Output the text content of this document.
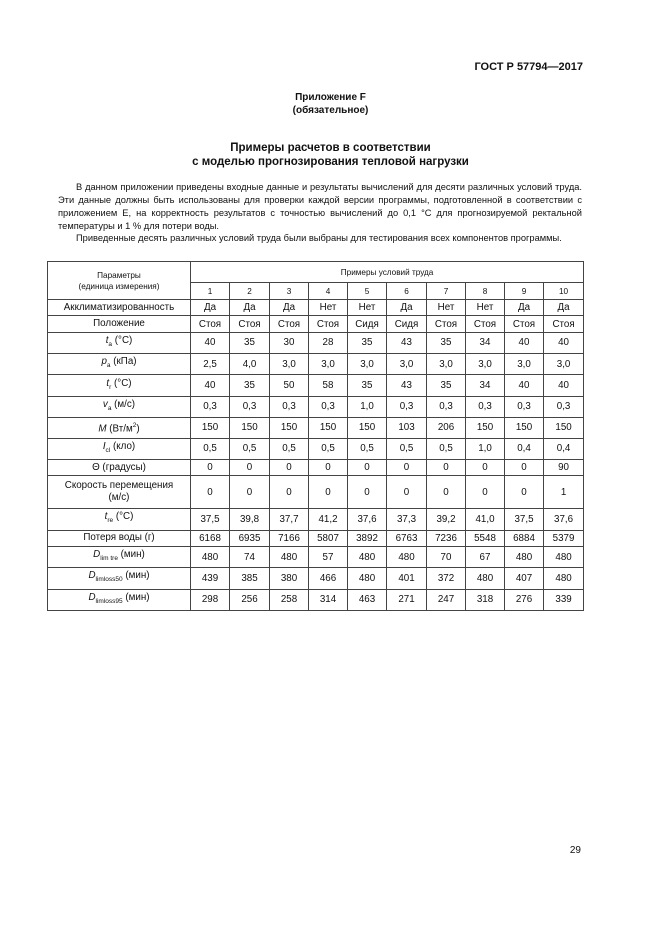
ГОСТ Р 57794—2017
Приложение F
(обязательное)
Примеры расчетов в соответствии
с моделью прогнозирования тепловой нагрузки
В данном приложении приведены входные данные и результаты вычислений для десяти различных условий труда. Эти данные должны быть использованы для проверки каждой версии программы, подготовленной в соответствии с приложением Е, на корректность результатов с точностью вычислений до 0,1 °С для прогнозируемой ректальной температуры и 1 % для потери воды.
Приведенные десять различных условий труда были выбраны для тестирования всех компонентов программы.
Параметры
(единица измерения)	Примеры условий труда									
	1	2	3	4	5	6	7	8	9	10

Акклиматизированность	Да	Да	Да	Нет	Нет	Да	Нет	Нет	Да	Да

Положение	Стоя	Стоя	Стоя	Стоя	Сидя	Сидя	Стоя	Стоя	Стоя	Стоя
$t_a$ (°С)	40	35	30	28	35	43	35	34	40	40
$p_a$ (кПа)	2,5	4,0	3,0	3,0	3,0	3,0	3,0	3,0	3,0	3,0
$t_r$ (°С)	40	35	50	58	35	43	35	34	40	40
$v_a$ (м/с)	0,3	0,3	0,3	0,3	1,0	0,3	0,3	0,3	0,3	0,3
M $(Вт/м^2)$	150	150	150	150	150	103	206	150	150	150
$I_{cl}$ (кло)	0,5	0,5	0,5	0,5	0,5	0,5	0,5	1,0	0,4	0,4

Θ (градусы)	0	0	0	0	0	0	0	0	0	90

Скорость перемещения
(м/с)	0	0	0	0	0	0	0	0	0	1
$t_{re}$ (°С)	37,5	39,8	37,7	41,2	37,6	37,3	39,2	41,0	37,5	37,6

Потеря воды (г)	6168	6935	7166	5807	3892	6763	7236	5548	6884	5379
$D_{lim tre}$ (мин)	480	74	480	57	480	480	70	67	480	480
$D_{limloss50}$ (мин)	439	385	380	466	480	401	372	480	407	480
$D_{limloss95}$ (мин)	298	256	258	314	463	271	247	318	276	339
29
